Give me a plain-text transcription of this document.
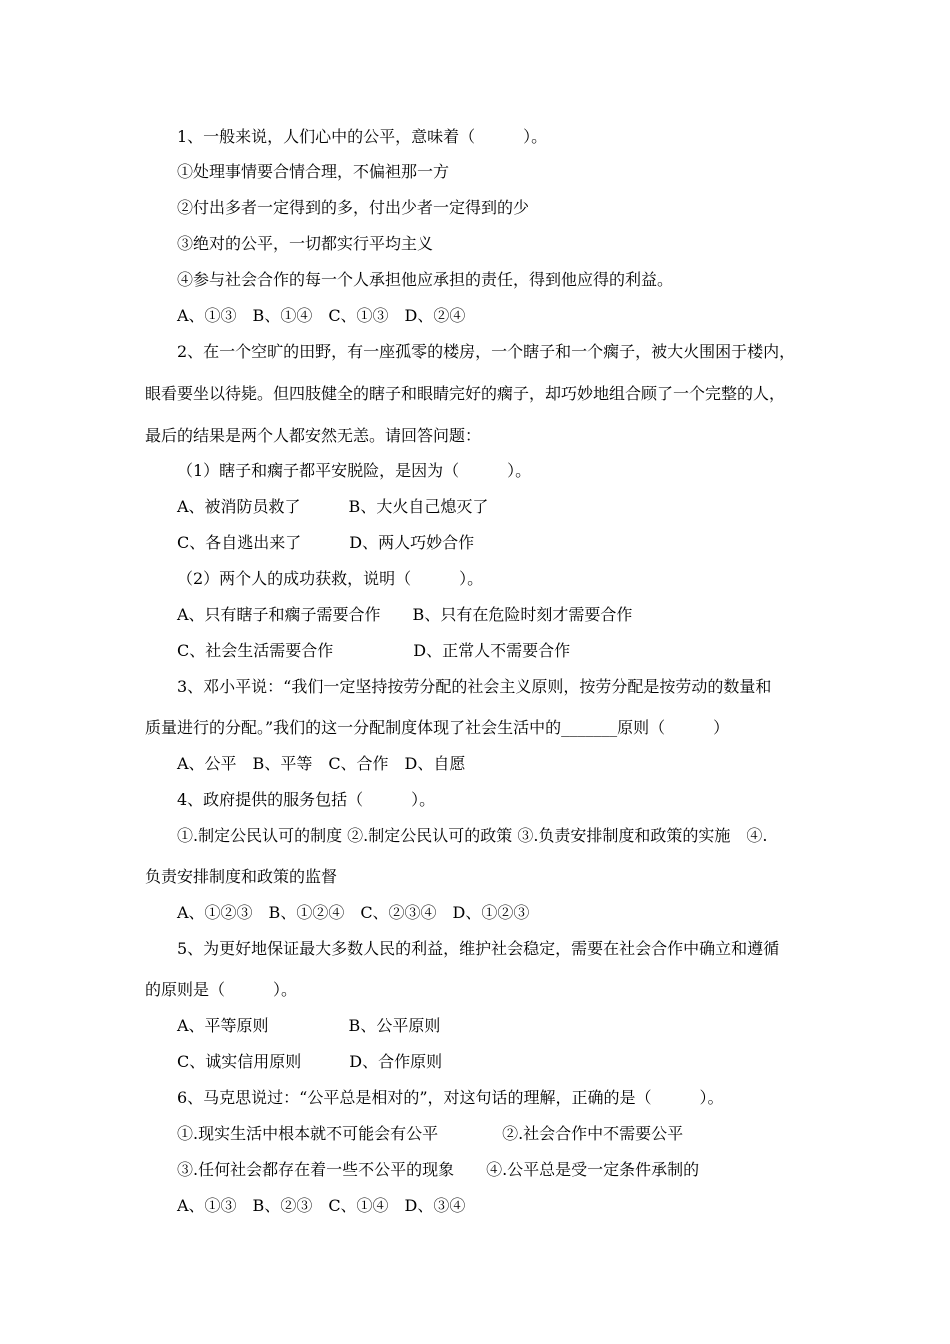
1、一般来说，人们心中的公平，意味着（　　　）。
①处理事情要合情合理，不偏袒那一方
②付出多者一定得到的多，付出少者一定得到的少
③绝对的公平，一切都实行平均主义
④参与社会合作的每一个人承担他应承担的责任，得到他应得的利益。
A、①③　B、①④　C、①③　D、②④
2、在一个空旷的田野，有一座孤零的楼房，一个瞎子和一个瘸子，被大火围困于楼内，
眼看要坐以待毙。但四肢健全的瞎子和眼睛完好的瘸子，却巧妙地组合顾了一个完整的人，
最后的结果是两个人都安然无恙。请回答问题：
（1）瞎子和瘸子都平安脱险，是因为（　　　）。
A、被消防员救了　　　B、大火自己熄灭了
C、各自逃出来了　　　D、两人巧妙合作
（2）两个人的成功获救，说明（　　　）。
A、只有瞎子和瘸子需要合作　　B、只有在危险时刻才需要合作
C、社会生活需要合作　　　　　D、正常人不需要合作
3、邓小平说：“我们一定坚持按劳分配的社会主义原则，按劳分配是按劳动的数量和
质量进行的分配。”我们的这一分配制度体现了社会生活中的_______原则（　　　）
A、公平　B、平等　C、合作　D、自愿
4、政府提供的服务包括（　　　）。
①.制定公民认可的制度 ②.制定公民认可的政策 ③.负责安排制度和政策的实施　④.
负责安排制度和政策的监督
A、①②③　B、①②④　C、②③④　D、①②③
5、为更好地保证最大多数人民的利益，维护社会稳定，需要在社会合作中确立和遵循
的原则是（　　　）。
A、平等原则　　　　　B、公平原则
C、诚实信用原则　　　D、合作原则
6、马克思说过：“公平总是相对的”，对这句话的理解，正确的是（　　　）。
①.现实生活中根本就不可能会有公平　　　　②.社会合作中不需要公平
③.任何社会都存在着一些不公平的现象　　④.公平总是受一定条件承制的
A、①③　B、②③　C、①④　D、③④
